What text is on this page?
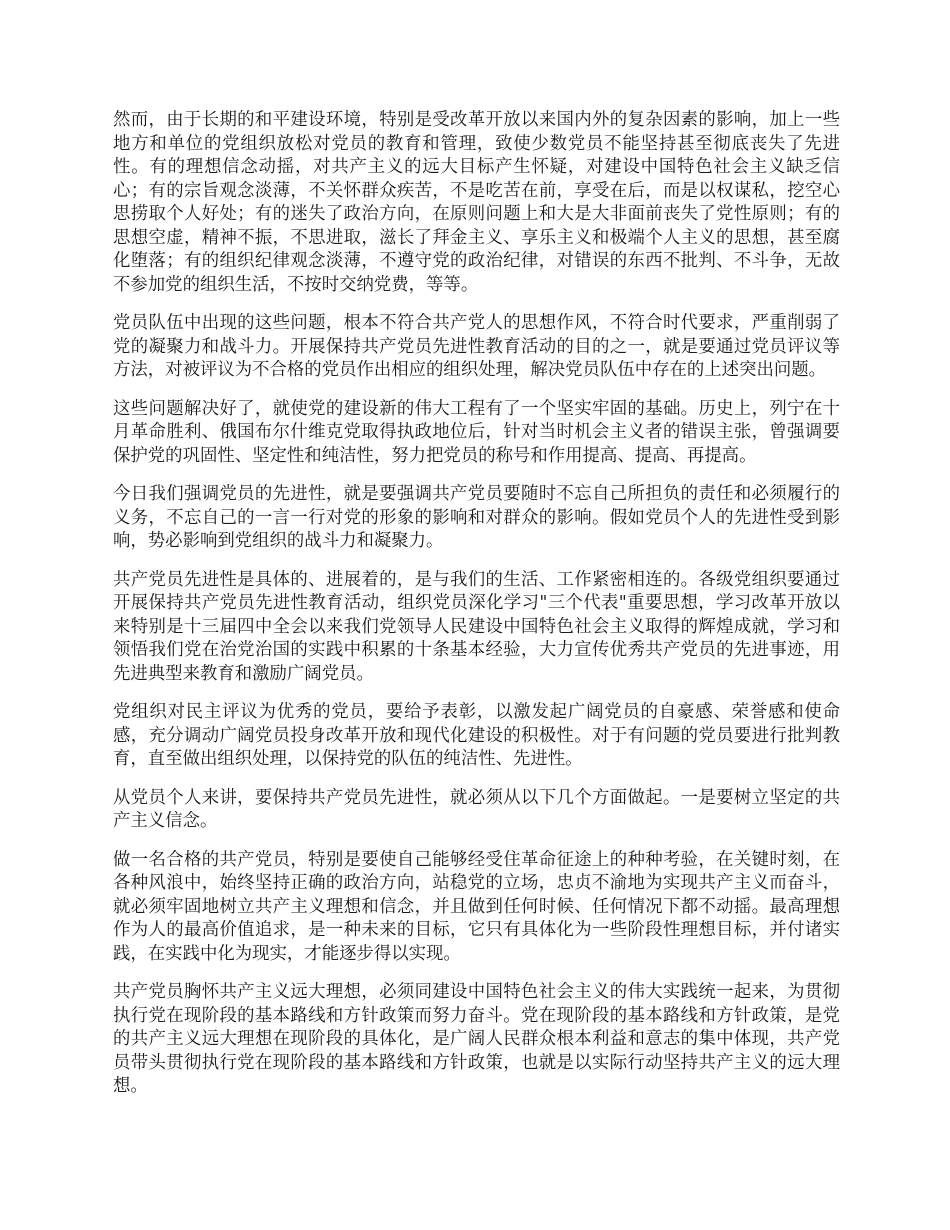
然而，由于长期的和平建设环境，特别是受改革开放以来国内外的复杂因素的影响，加上一些地方和单位的党组织放松对党员的教育和管理，致使少数党员不能坚持甚至彻底丧失了先进性。有的理想信念动摇，对共产主义的远大目标产生怀疑，对建设中国特色社会主义缺乏信心；有的宗旨观念淡薄，不关怀群众疾苦，不是吃苦在前，享受在后，而是以权谋私，挖空心思捞取个人好处；有的迷失了政治方向，在原则问题上和大是大非面前丧失了党性原则；有的思想空虚，精神不振，不思进取，滋长了拜金主义、享乐主义和极端个人主义的思想，甚至腐化堕落；有的组织纪律观念淡薄，不遵守党的政治纪律，对错误的东西不批判、不斗争，无故不参加党的组织生活，不按时交纳党费，等等。

党员队伍中出现的这些问题，根本不符合共产党人的思想作风，不符合时代要求，严重削弱了党的凝聚力和战斗力。开展保持共产党员先进性教育活动的目的之一，就是要通过党员评议等方法，对被评议为不合格的党员作出相应的组织处理，解决党员队伍中存在的上述突出问题。

这些问题解决好了，就使党的建设新的伟大工程有了一个坚实牢固的基础。历史上，列宁在十月革命胜利、俄国布尔什维克党取得执政地位后，针对当时机会主义者的错误主张，曾强调要保护党的巩固性、坚定性和纯洁性，努力把党员的称号和作用提高、提高、再提高。

今日我们强调党员的先进性，就是要强调共产党员要随时不忘自己所担负的责任和必须履行的义务，不忘自己的一言一行对党的形象的影响和对群众的影响。假如党员个人的先进性受到影响，势必影响到党组织的战斗力和凝聚力。

共产党员先进性是具体的、进展着的，是与我们的生活、工作紧密相连的。各级党组织要通过开展保持共产党员先进性教育活动，组织党员深化学习"三个代表"重要思想，学习改革开放以来特别是十三届四中全会以来我们党领导人民建设中国特色社会主义取得的辉煌成就，学习和领悟我们党在治党治国的实践中积累的十条基本经验，大力宣传优秀共产党员的先进事迹，用先进典型来教育和激励广阔党员。

党组织对民主评议为优秀的党员，要给予表彰，以激发起广阔党员的自豪感、荣誉感和使命感，充分调动广阔党员投身改革开放和现代化建设的积极性。对于有问题的党员要进行批判教育，直至做出组织处理，以保持党的队伍的纯洁性、先进性。

从党员个人来讲，要保持共产党员先进性，就必须从以下几个方面做起。一是要树立坚定的共产主义信念。

做一名合格的共产党员，特别是要使自己能够经受住革命征途上的种种考验，在关键时刻，在各种风浪中，始终坚持正确的政治方向，站稳党的立场，忠贞不渝地为实现共产主义而奋斗，就必须牢固地树立共产主义理想和信念，并且做到任何时候、任何情况下都不动摇。最高理想作为人的最高价值追求，是一种未来的目标，它只有具体化为一些阶段性理想目标，并付诸实践，在实践中化为现实，才能逐步得以实现。

共产党员胸怀共产主义远大理想，必须同建设中国特色社会主义的伟大实践统一起来，为贯彻执行党在现阶段的基本路线和方针政策而努力奋斗。党在现阶段的基本路线和方针政策，是党的共产主义远大理想在现阶段的具体化，是广阔人民群众根本利益和意志的集中体现，共产党员带头贯彻执行党在现阶段的基本路线和方针政策，也就是以实际行动坚持共产主义的远大理想。
